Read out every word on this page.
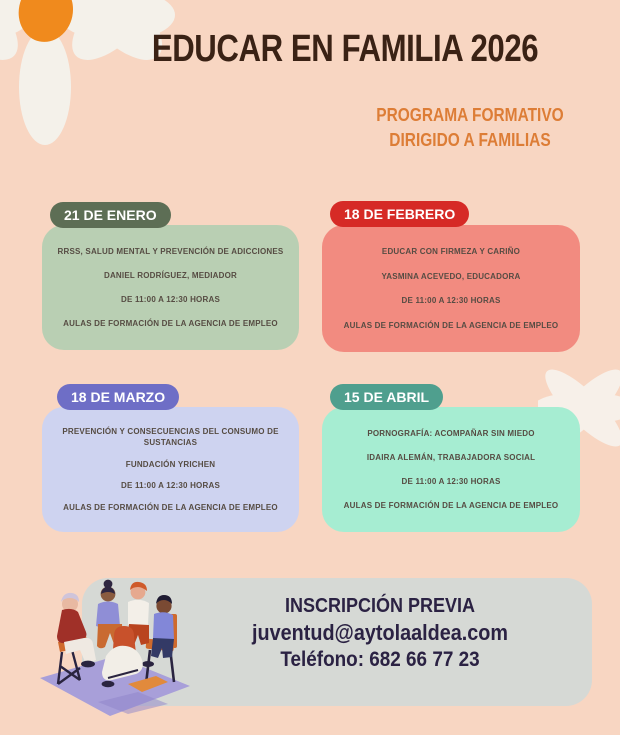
EDUCAR EN FAMILIA 2026
PROGRAMA FORMATIVO
DIRIGIDO A FAMILIAS
21 DE ENERO
RRSS, SALUD MENTAL Y PREVENCIÓN DE ADICCIONES
DANIEL RODRÍGUEZ, MEDIADOR
DE 11:00 A 12:30 HORAS
AULAS DE FORMACIÓN DE LA AGENCIA DE EMPLEO
18 DE FEBRERO
EDUCAR CON FIRMEZA Y CARIÑO
YASMINA ACEVEDO, EDUCADORA
DE 11:00 A 12:30 HORAS
AULAS DE FORMACIÓN DE LA AGENCIA DE EMPLEO
18 DE MARZO
PREVENCIÓN Y CONSECUENCIAS DEL CONSUMO DE SUSTANCIAS
FUNDACIÓN YRICHEN
DE 11:00 A 12:30 HORAS
AULAS DE FORMACIÓN DE LA AGENCIA DE EMPLEO
15 DE ABRIL
PORNOGRAFÍA: ACOMPAÑAR SIN MIEDO
IDAIRA ALEMÁN, TRABAJADORA SOCIAL
DE 11:00 A 12:30 HORAS
AULAS DE FORMACIÓN DE LA AGENCIA DE EMPLEO
INSCRIPCIÓN PREVIA
juventud@aytolaaldea.com
Teléfono: 682 66 77 23
